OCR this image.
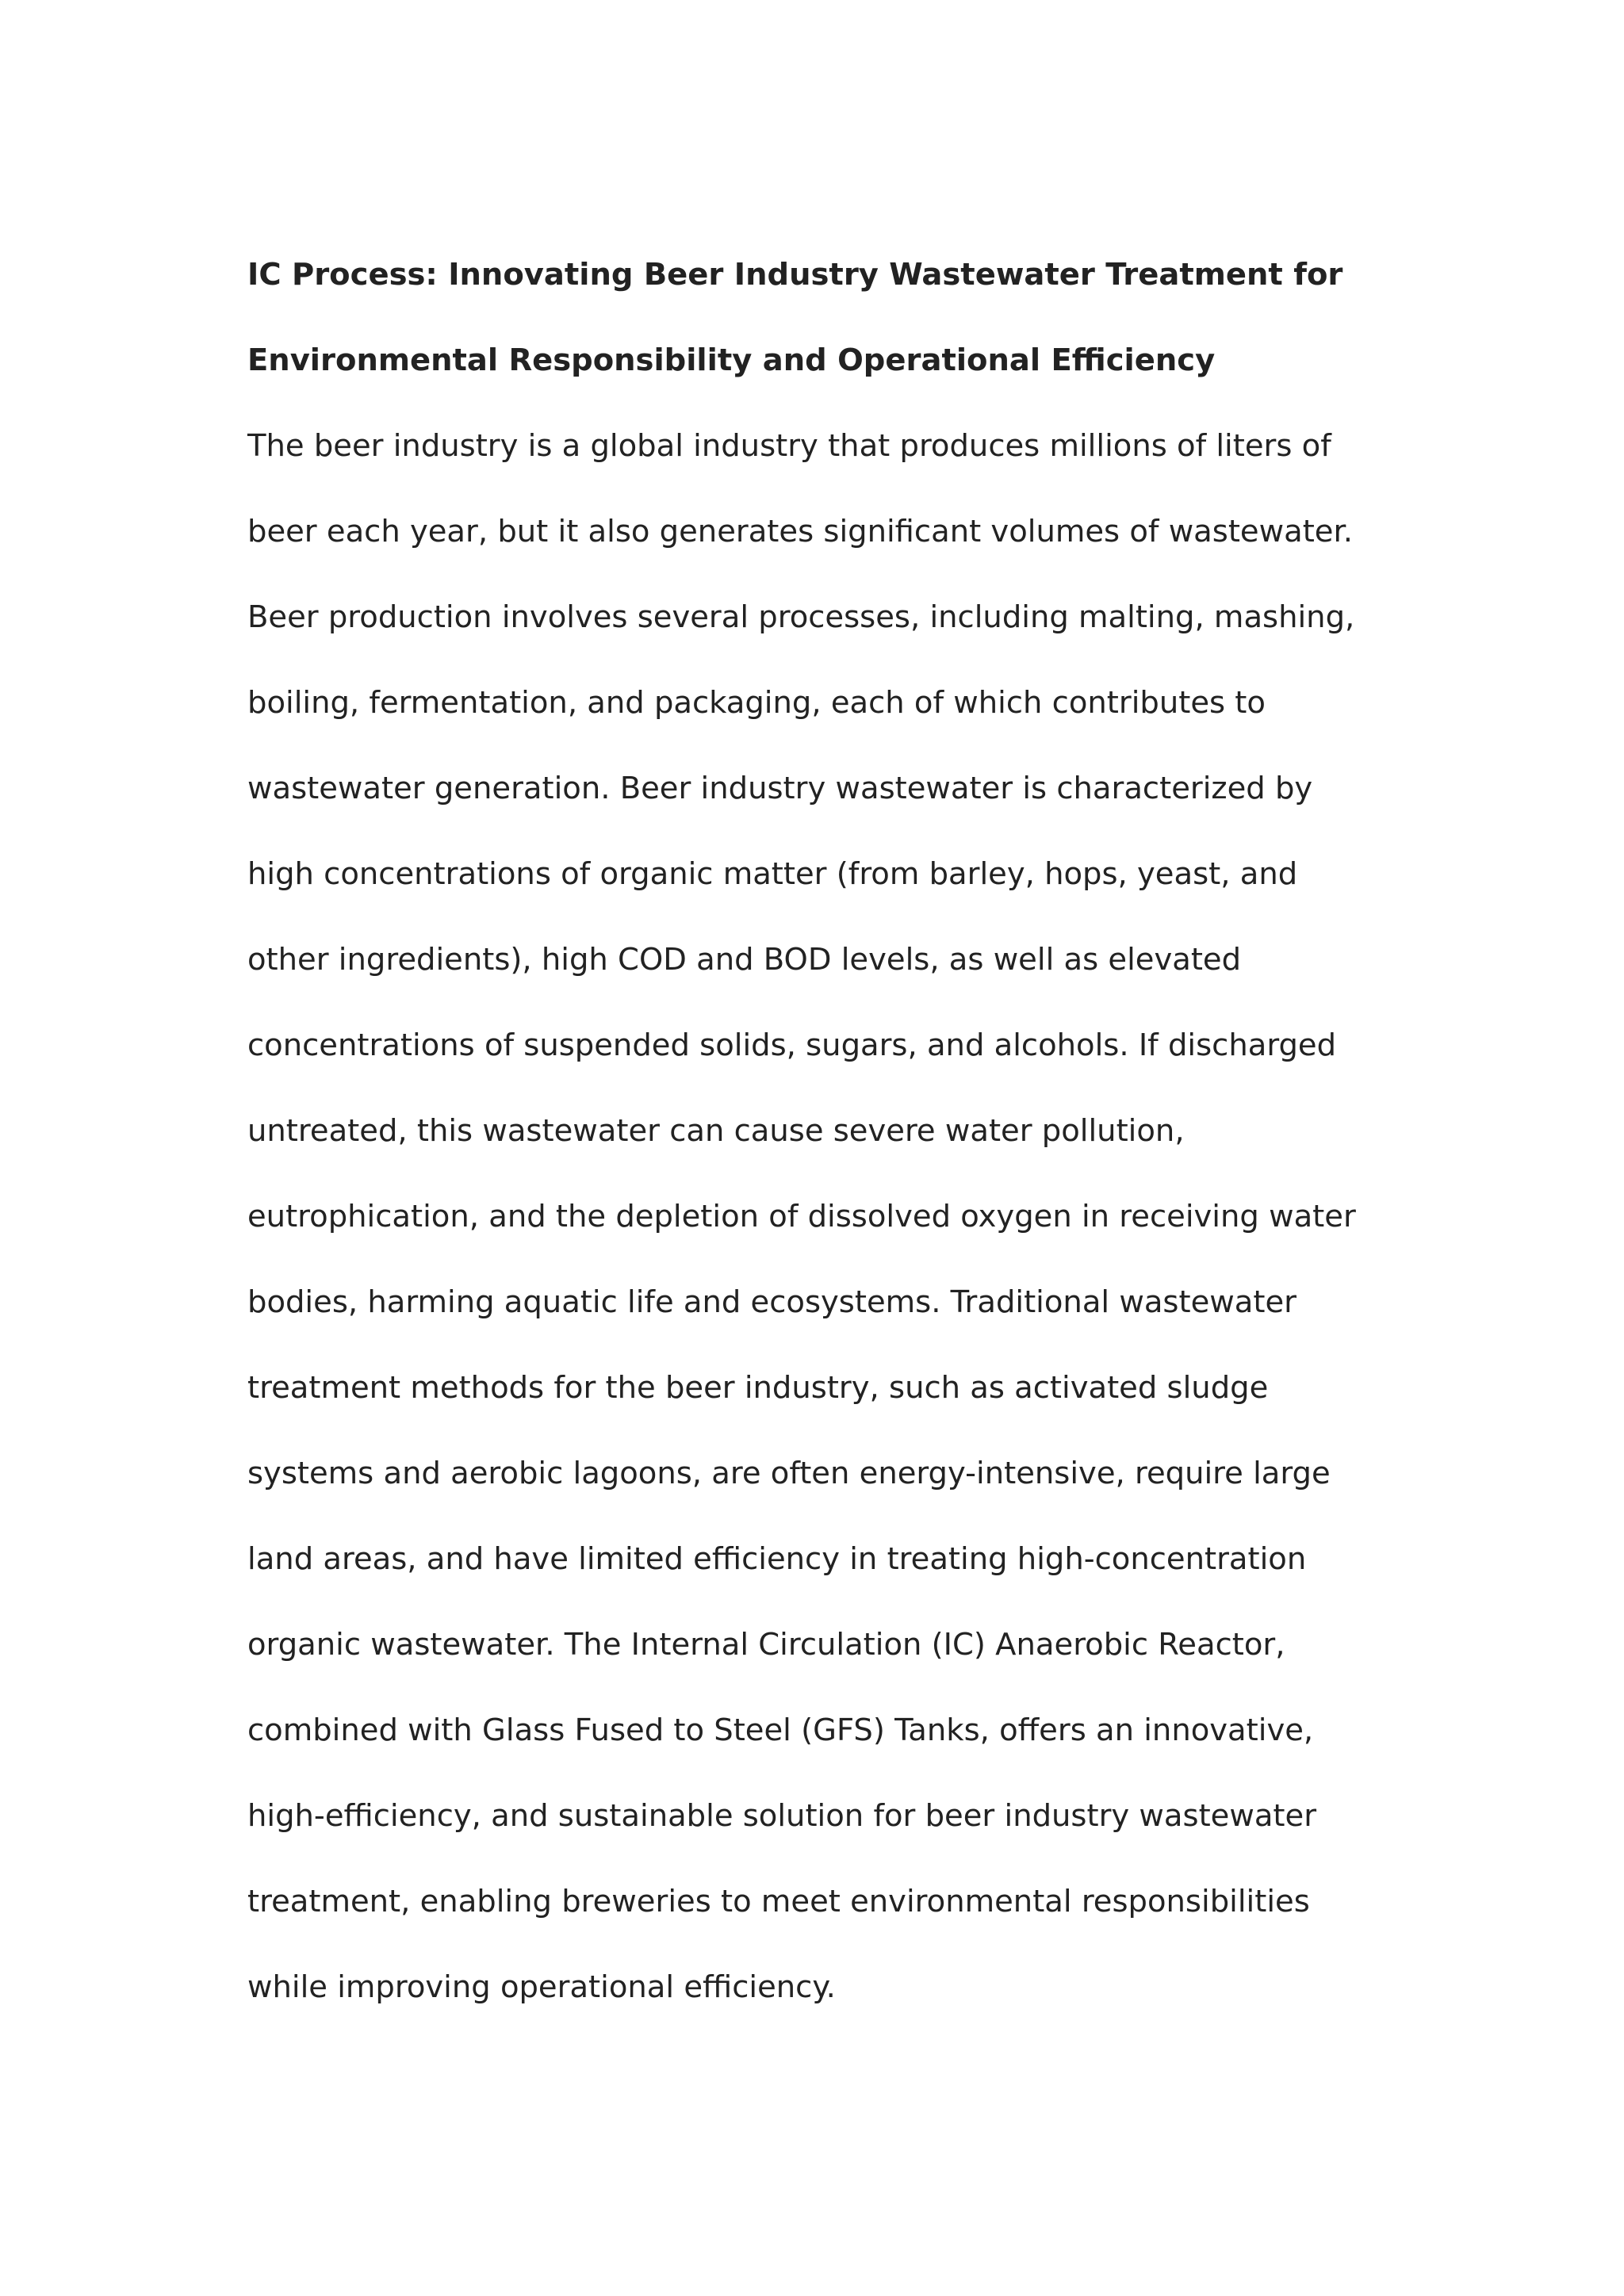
IC Process: Innovating Beer Industry Wastewater Treatment for
Environmental Responsibility and Operational Efficiency

The beer industry is a global industry that produces millions of liters of
beer each year, but it also generates significant volumes of wastewater.
Beer production involves several processes, including malting, mashing,
boiling, fermentation, and packaging, each of which contributes to
wastewater generation. Beer industry wastewater is characterized by
high concentrations of organic matter (from barley, hops, yeast, and
other ingredients), high COD and BOD levels, as well as elevated
concentrations of suspended solids, sugars, and alcohols. If discharged
untreated, this wastewater can cause severe water pollution,
eutrophication, and the depletion of dissolved oxygen in receiving water
bodies, harming aquatic life and ecosystems. Traditional wastewater
treatment methods for the beer industry, such as activated sludge
systems and aerobic lagoons, are often energy-intensive, require large
land areas, and have limited efficiency in treating high-concentration
organic wastewater. The Internal Circulation (IC) Anaerobic Reactor,
combined with Glass Fused to Steel (GFS) Tanks, offers an innovative,
high-efficiency, and sustainable solution for beer industry wastewater
treatment, enabling breweries to meet environmental responsibilities
while improving operational efficiency.
